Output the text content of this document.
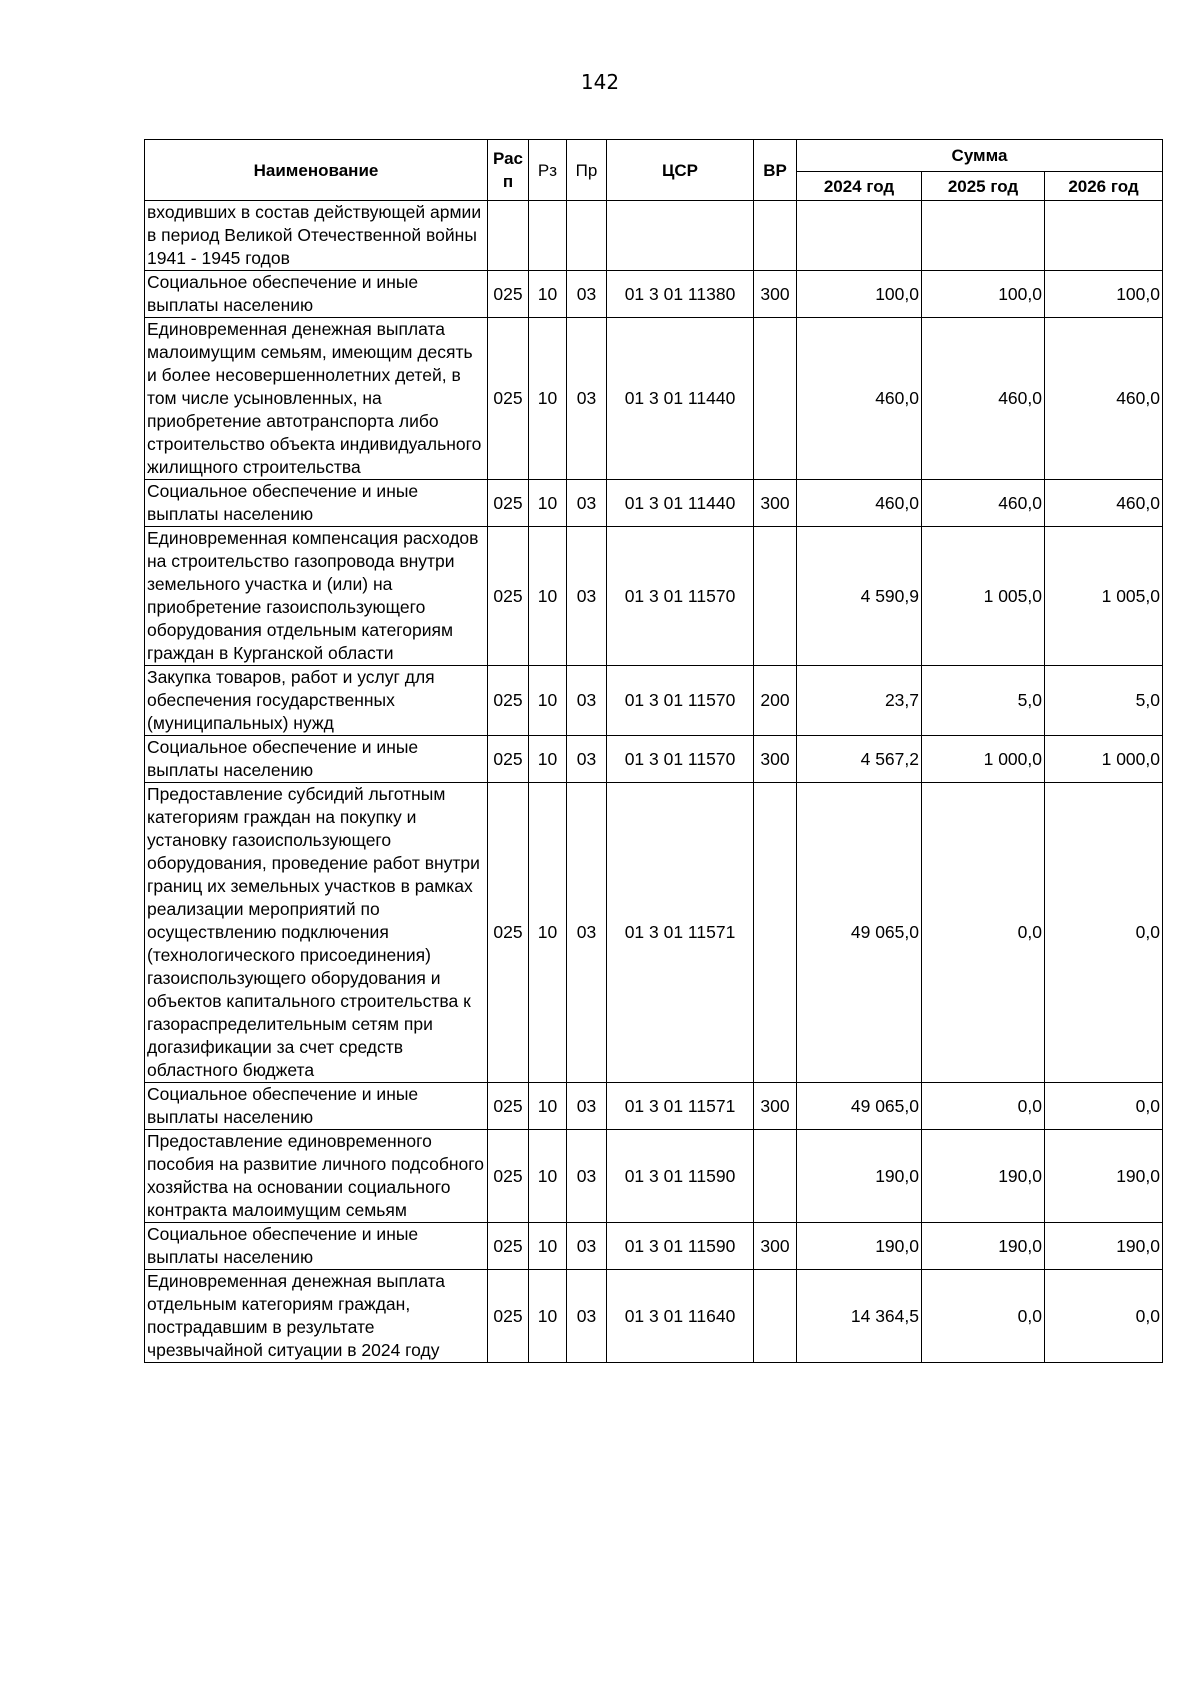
142
Наименование	Рас п	Рз	Пр	ЦСР	ВР	Сумма		
						2024 год	2025 год	2026 год
входивших в состав действующей армии в период Великой Отечественной войны 1941 - 1945 годов								
Социальное обеспечение и иные выплаты населению	025	10	03	01 3 01 11380	300	100,0	100,0	100,0
Единовременная денежная выплата малоимущим семьям, имеющим десять и более несовершеннолетних детей, в том числе усыновленных, на приобретение автотранспорта либо строительство объекта индивидуального жилищного строительства	025	10	03	01 3 01 11440		460,0	460,0	460,0
Социальное обеспечение и иные выплаты населению	025	10	03	01 3 01 11440	300	460,0	460,0	460,0
Единовременная компенсация расходов на строительство газопровода внутри земельного участка и (или) на приобретение газоиспользующего оборудования отдельным категориям граждан в Курганской области	025	10	03	01 3 01 11570		4 590,9	1 005,0	1 005,0
Закупка товаров, работ и услуг для обеспечения государственных (муниципальных) нужд	025	10	03	01 3 01 11570	200	23,7	5,0	5,0
Социальное обеспечение и иные выплаты населению	025	10	03	01 3 01 11570	300	4 567,2	1 000,0	1 000,0
Предоставление субсидий льготным категориям граждан на покупку и установку газоиспользующего оборудования, проведение работ внутри границ их земельных участков в рамках реализации мероприятий по осуществлению подключения (технологического присоединения) газоиспользующего оборудования и объектов капитального строительства к газораспределительным сетям при догазификации за счет средств областного бюджета	025	10	03	01 3 01 11571		49 065,0	0,0	0,0
Социальное обеспечение и иные выплаты населению	025	10	03	01 3 01 11571	300	49 065,0	0,0	0,0
Предоставление единовременного пособия на развитие личного подсобного хозяйства на основании социального контракта малоимущим семьям	025	10	03	01 3 01 11590		190,0	190,0	190,0
Социальное обеспечение и иные выплаты населению	025	10	03	01 3 01 11590	300	190,0	190,0	190,0
Единовременная денежная выплата отдельным категориям граждан, пострадавшим в результате чрезвычайной ситуации в 2024 году	025	10	03	01 3 01 11640		14 364,5	0,0	0,0
